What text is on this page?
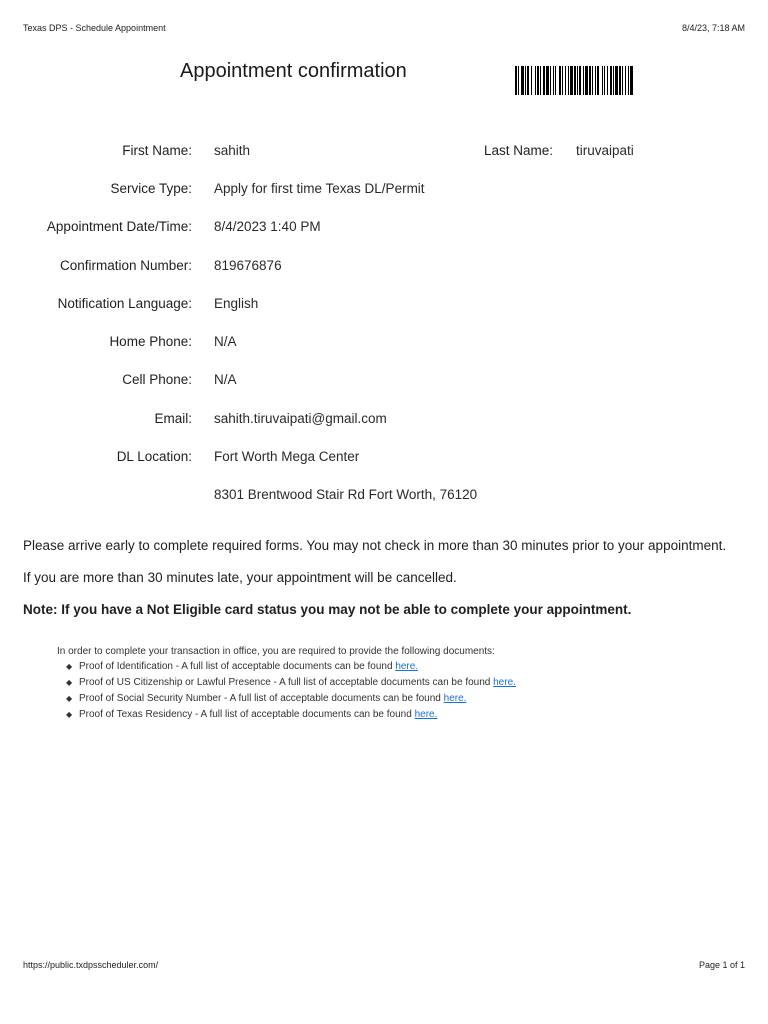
Texas DPS - Schedule Appointment	8/4/23, 7:18 AM
Appointment confirmation
First Name: sahith	Last Name: tiruvaipati
Service Type: Apply for first time Texas DL/Permit
Appointment Date/Time: 8/4/2023 1:40 PM
Confirmation Number: 819676876
Notification Language: English
Home Phone: N/A
Cell Phone: N/A
Email: sahith.tiruvaipati@gmail.com
DL Location: Fort Worth Mega Center
8301 Brentwood Stair Rd Fort Worth, 76120

Please arrive early to complete required forms. You may not check in more than 30 minutes prior to your appointment.

If you are more than 30 minutes late, your appointment will be cancelled.

Note: If you have a Not Eligible card status you may not be able to complete your appointment.

In order to complete your transaction in office, you are required to provide the following documents:
◆ Proof of Identification - A full list of acceptable documents can be found here.
◆ Proof of US Citizenship or Lawful Presence - A full list of acceptable documents can be found here.
◆ Proof of Social Security Number - A full list of acceptable documents can be found here.
◆ Proof of Texas Residency - A full list of acceptable documents can be found here.
https://public.txdpsscheduler.com/	Page 1 of 1
